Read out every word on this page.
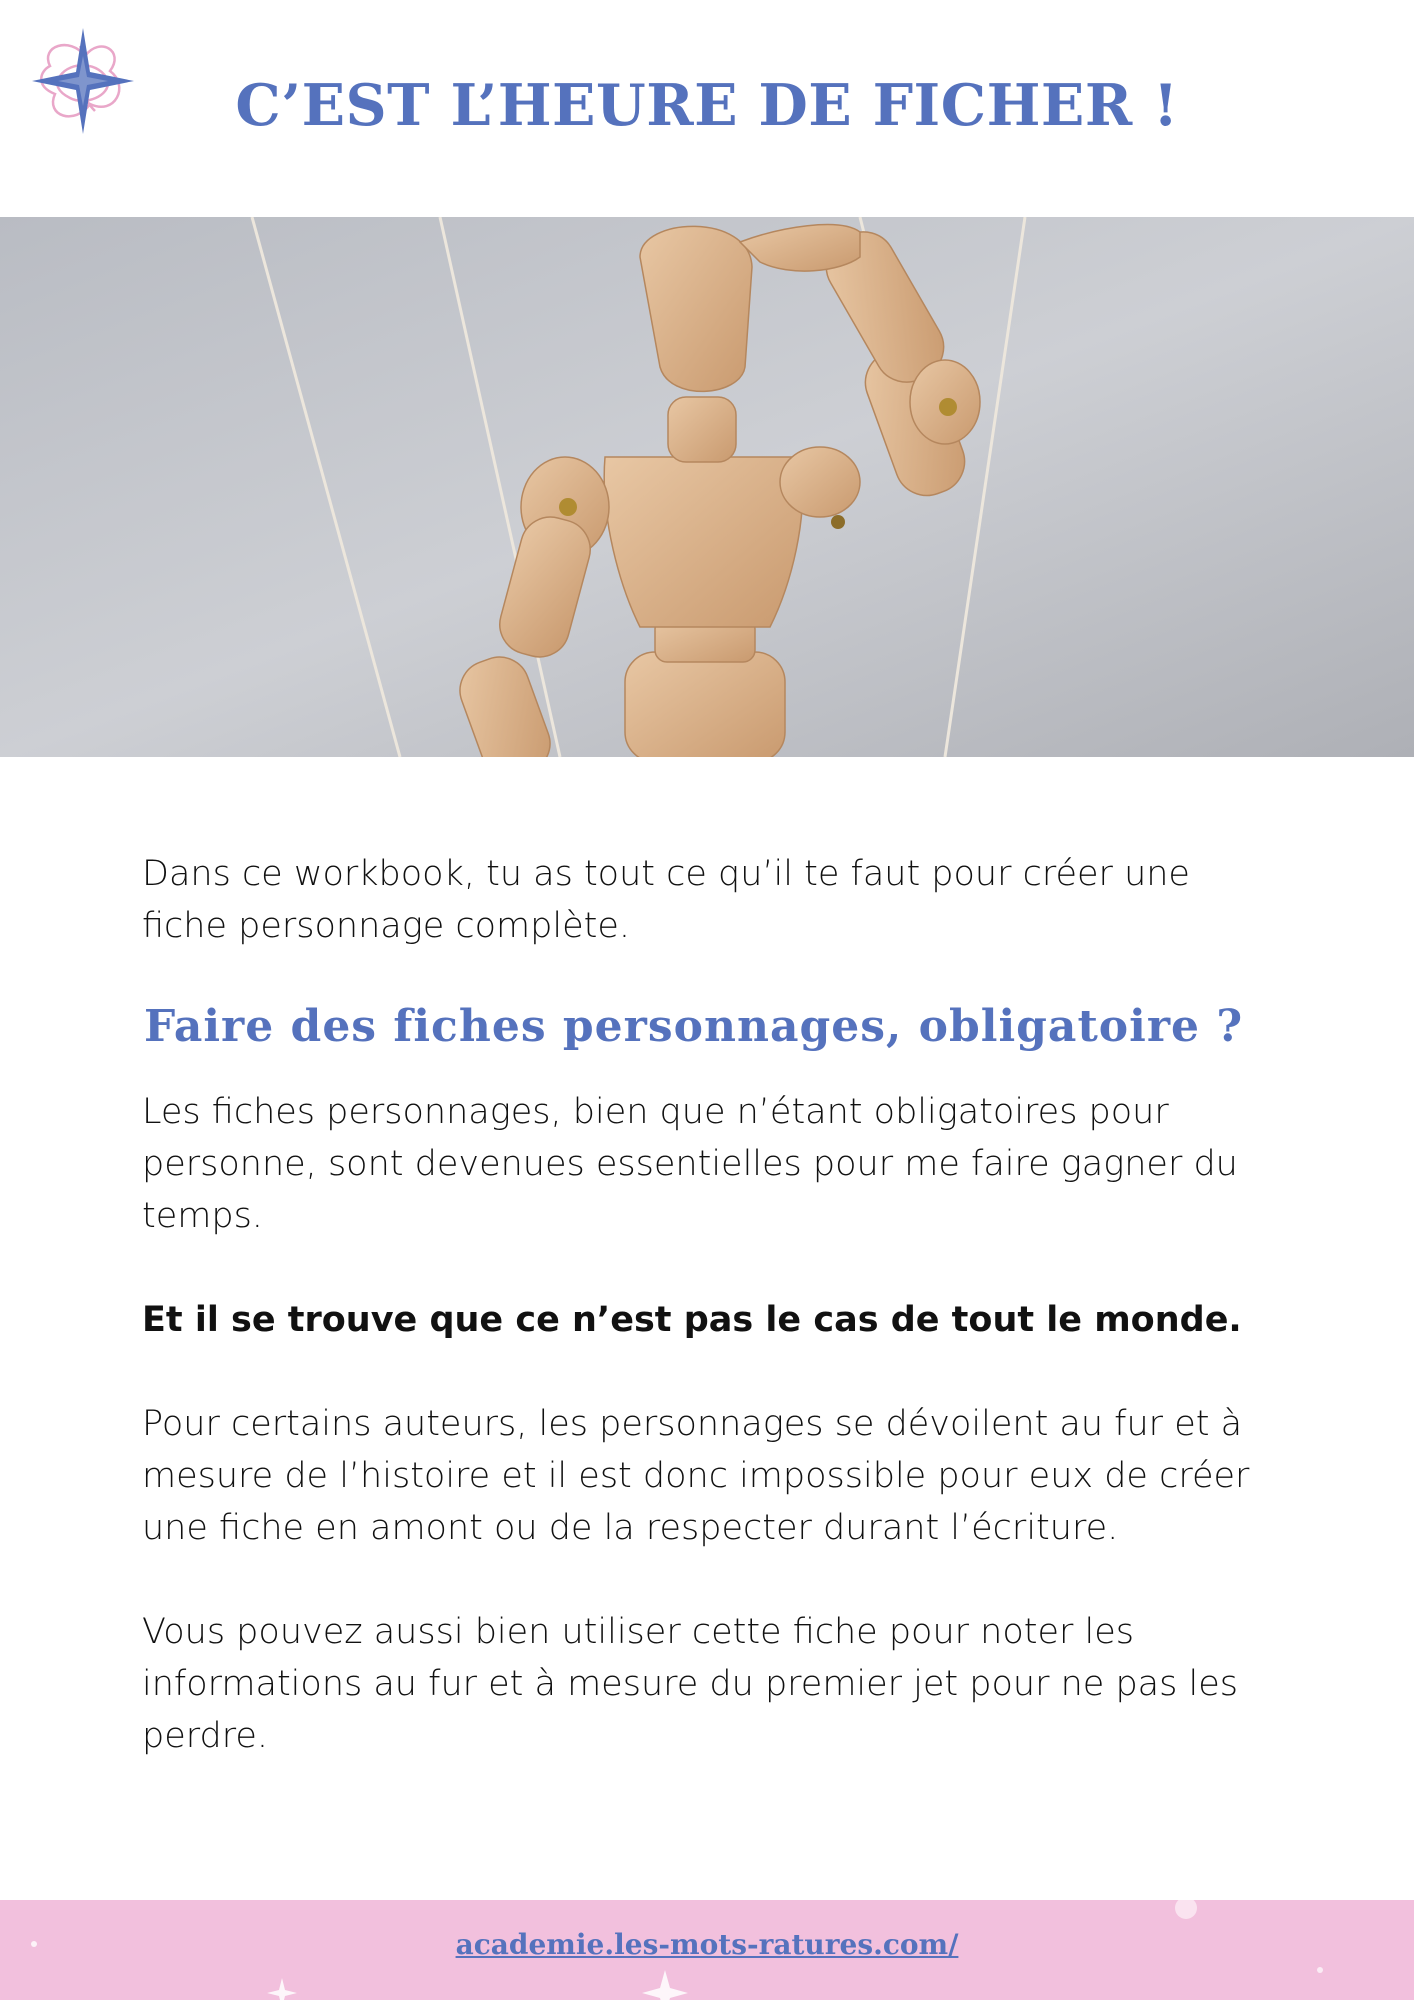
C’EST L’HEURE DE FICHER !

Dans ce workbook, tu as tout ce qu’il te faut pour créer une fiche personnage complète.

Faire des fiches personnages, obligatoire ?

Les fiches personnages, bien que n’étant obligatoires pour personne, sont devenues essentielles pour me faire gagner du temps.

Et il se trouve que ce n’est pas le cas de tout le monde.

Pour certains auteurs, les personnages se dévoilent au fur et à mesure de l’histoire et il est donc impossible pour eux de créer une fiche en amont ou de la respecter durant l’écriture.

Vous pouvez aussi bien utiliser cette fiche pour noter les informations au fur et à mesure du premier jet pour ne pas les perdre.

academie.les-mots-ratures.com/
